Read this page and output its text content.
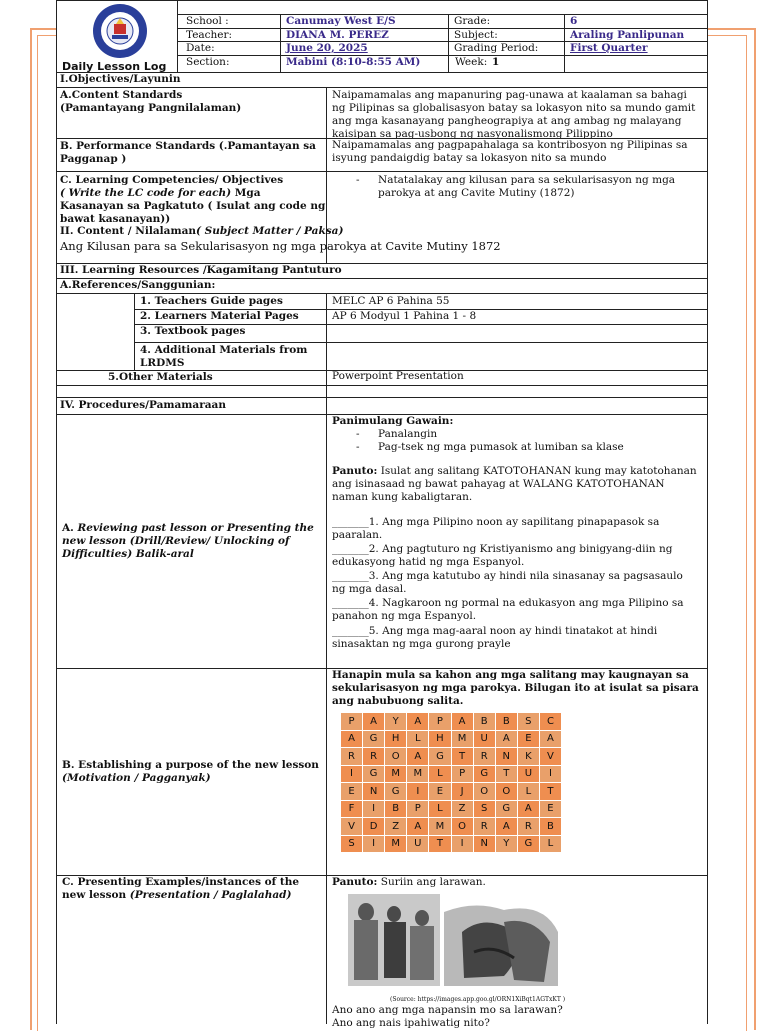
Daily Lesson Log
School :	Canumay West E/S
Teacher:	DIANA M. PEREZ
Date:	June 20, 2025
Section:	Mabini (8:10-8:55 AM)
Grade:	6
Subject:	Araling Panlipunan
Grading Period:	First Quarter
Week: 1
I.Objectives/Layunin
A.Content Standards
(Pamantayang Pangnilalaman)
Naipamamalas ang mapanuring pag-unawa at kaalaman sa bahagi
ng Pilipinas sa globalisasyon batay sa lokasyon nito sa mundo gamit
ang mga kasanayang pangheograpiya at ang ambag ng malayang
kaisipan sa pag-usbong ng nasyonalismong Pilippino
B. Performance Standards (.Pamantayan sa
Pagganap )
Naipamamalas ang pagpapahalaga sa kontribosyon ng Pilipinas sa
isyung pandaigdig batay sa lokasyon nito sa mundo
C. Learning Competencies/ Objectives
( Write the LC code for each) Mga
Kasanayan sa Pagkatuto ( Isulat ang code ng
bawat kasanayan))
- Natatalakay ang kilusan para sa sekularisasyon ng mga
parokya at ang Cavite Mutiny (1872)
II. Content / Nilalaman( Subject Matter / Paksa)
Ang Kilusan para sa Sekularisasyon ng mga parokya at Cavite Mutiny 1872
III. Learning Resources /Kagamitang Pantuturo
A.References/Sanggunian:
1. Teachers Guide pages	MELC AP 6 Pahina 55
2. Learners Material Pages	AP 6 Modyul 1 Pahina 1 - 8
3. Textbook pages
4. Additional Materials from
LRDMS
5.Other Materials	Powerpoint Presentation
IV. Procedures/Pamamaraan
A. Reviewing past lesson or Presenting the
new lesson (Drill/Review/ Unlocking of
Difficulties) Balik-aral
Panimulang Gawain:
- Panalangin
- Pag-tsek ng mga pumasok at lumiban sa klase
Panuto: Isulat ang salitang KATOTOHANAN kung may katotohanan
ang isinasaad ng bawat pahayag at WALANG KATOTOHANAN
naman kung kabaligtaran.
_______1. Ang mga Pilipino noon ay sapilitang pinapapasok sa
paaralan.
_______2. Ang pagtuturo ng Kristiyanismo ang binigyang-diin ng
edukasyong hatid ng mga Espanyol.
_______3. Ang mga katutubo ay hindi nila sinasanay sa pagsasaulo
ng mga dasal.
_______4. Nagkaroon ng pormal na edukasyon ang mga Pilipino sa
panahon ng mga Espanyol.
_______5. Ang mga mag-aaral noon ay hindi tinatakot at hindi
sinasaktan ng mga gurong prayle
B. Establishing a purpose of the new lesson
(Motivation / Pagganyak)
Hanapin mula sa kahon ang mga salitang may kaugnayan sa
sekularisasyon ng mga parokya. Bilugan ito at isulat sa pisara
ang nabubuong salita.
P	A	Y	A	P	A	B	B	S	C
A	G	H	L	H	M	U	A	E	A
R	R	O	A	G	T	R	N	K	V
I	G	M	M	L	P	G	T	U	I
E	N	G	I	E	J	O	O	L	T
F	I	B	P	L	Z	S	G	A	E
V	D	Z	A	M	O	R	A	R	B
S	I	M	U	T	I	N	Y	G	L
C. Presenting Examples/instances of the
new lesson (Presentation / Paglalahad)
Panuto: Suriin ang larawan.
(Source: https://images.app.goo.gl/ORN1XiBqt1AGTxKT )
Ano ano ang mga napansin mo sa larawan?
Ano ang nais ipahiwatig nito?
